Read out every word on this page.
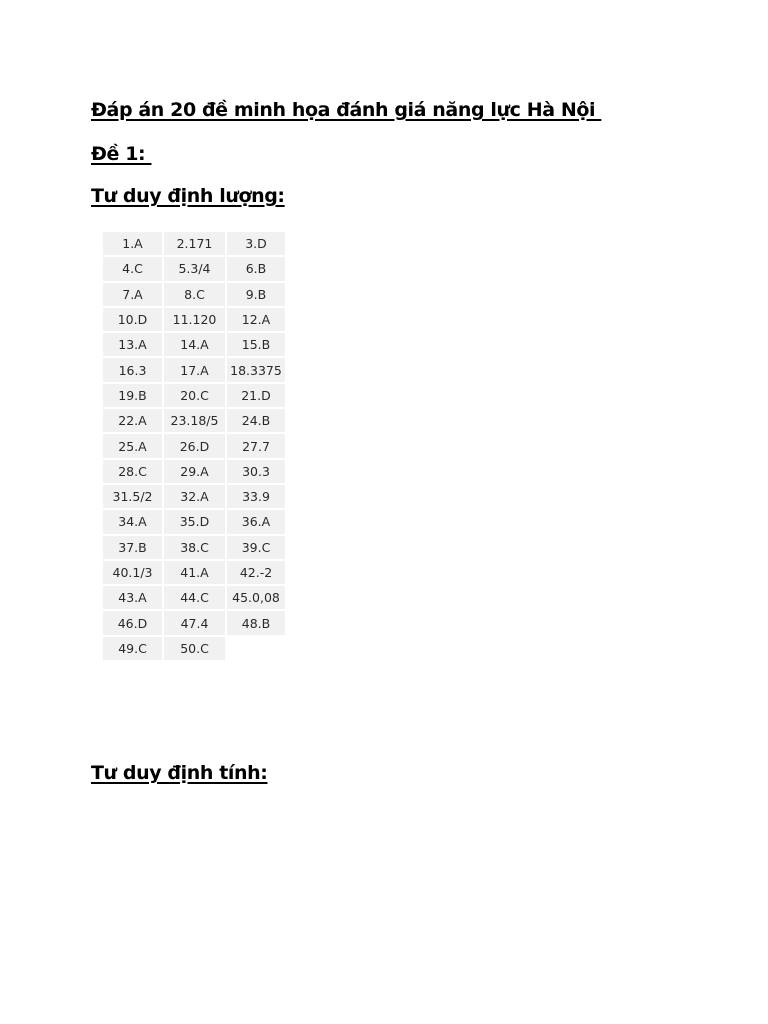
Đáp án 20 đề minh họa đánh giá năng lực Hà Nội

Đề 1:

Tư duy định lượng:

1.A	2.171	3.D
4.C	5.3/4	6.B
7.A	8.C	9.B
10.D	11.120	12.A
13.A	14.A	15.B
16.3	17.A	18.3375
19.B	20.C	21.D
22.A	23.18/5	24.B
25.A	26.D	27.7
28.C	29.A	30.3
31.5/2	32.A	33.9
34.A	35.D	36.A
37.B	38.C	39.C
40.1/3	41.A	42.-2
43.A	44.C	45.0,08
46.D	47.4	48.B
49.C	50.C	

Tư duy định tính:
